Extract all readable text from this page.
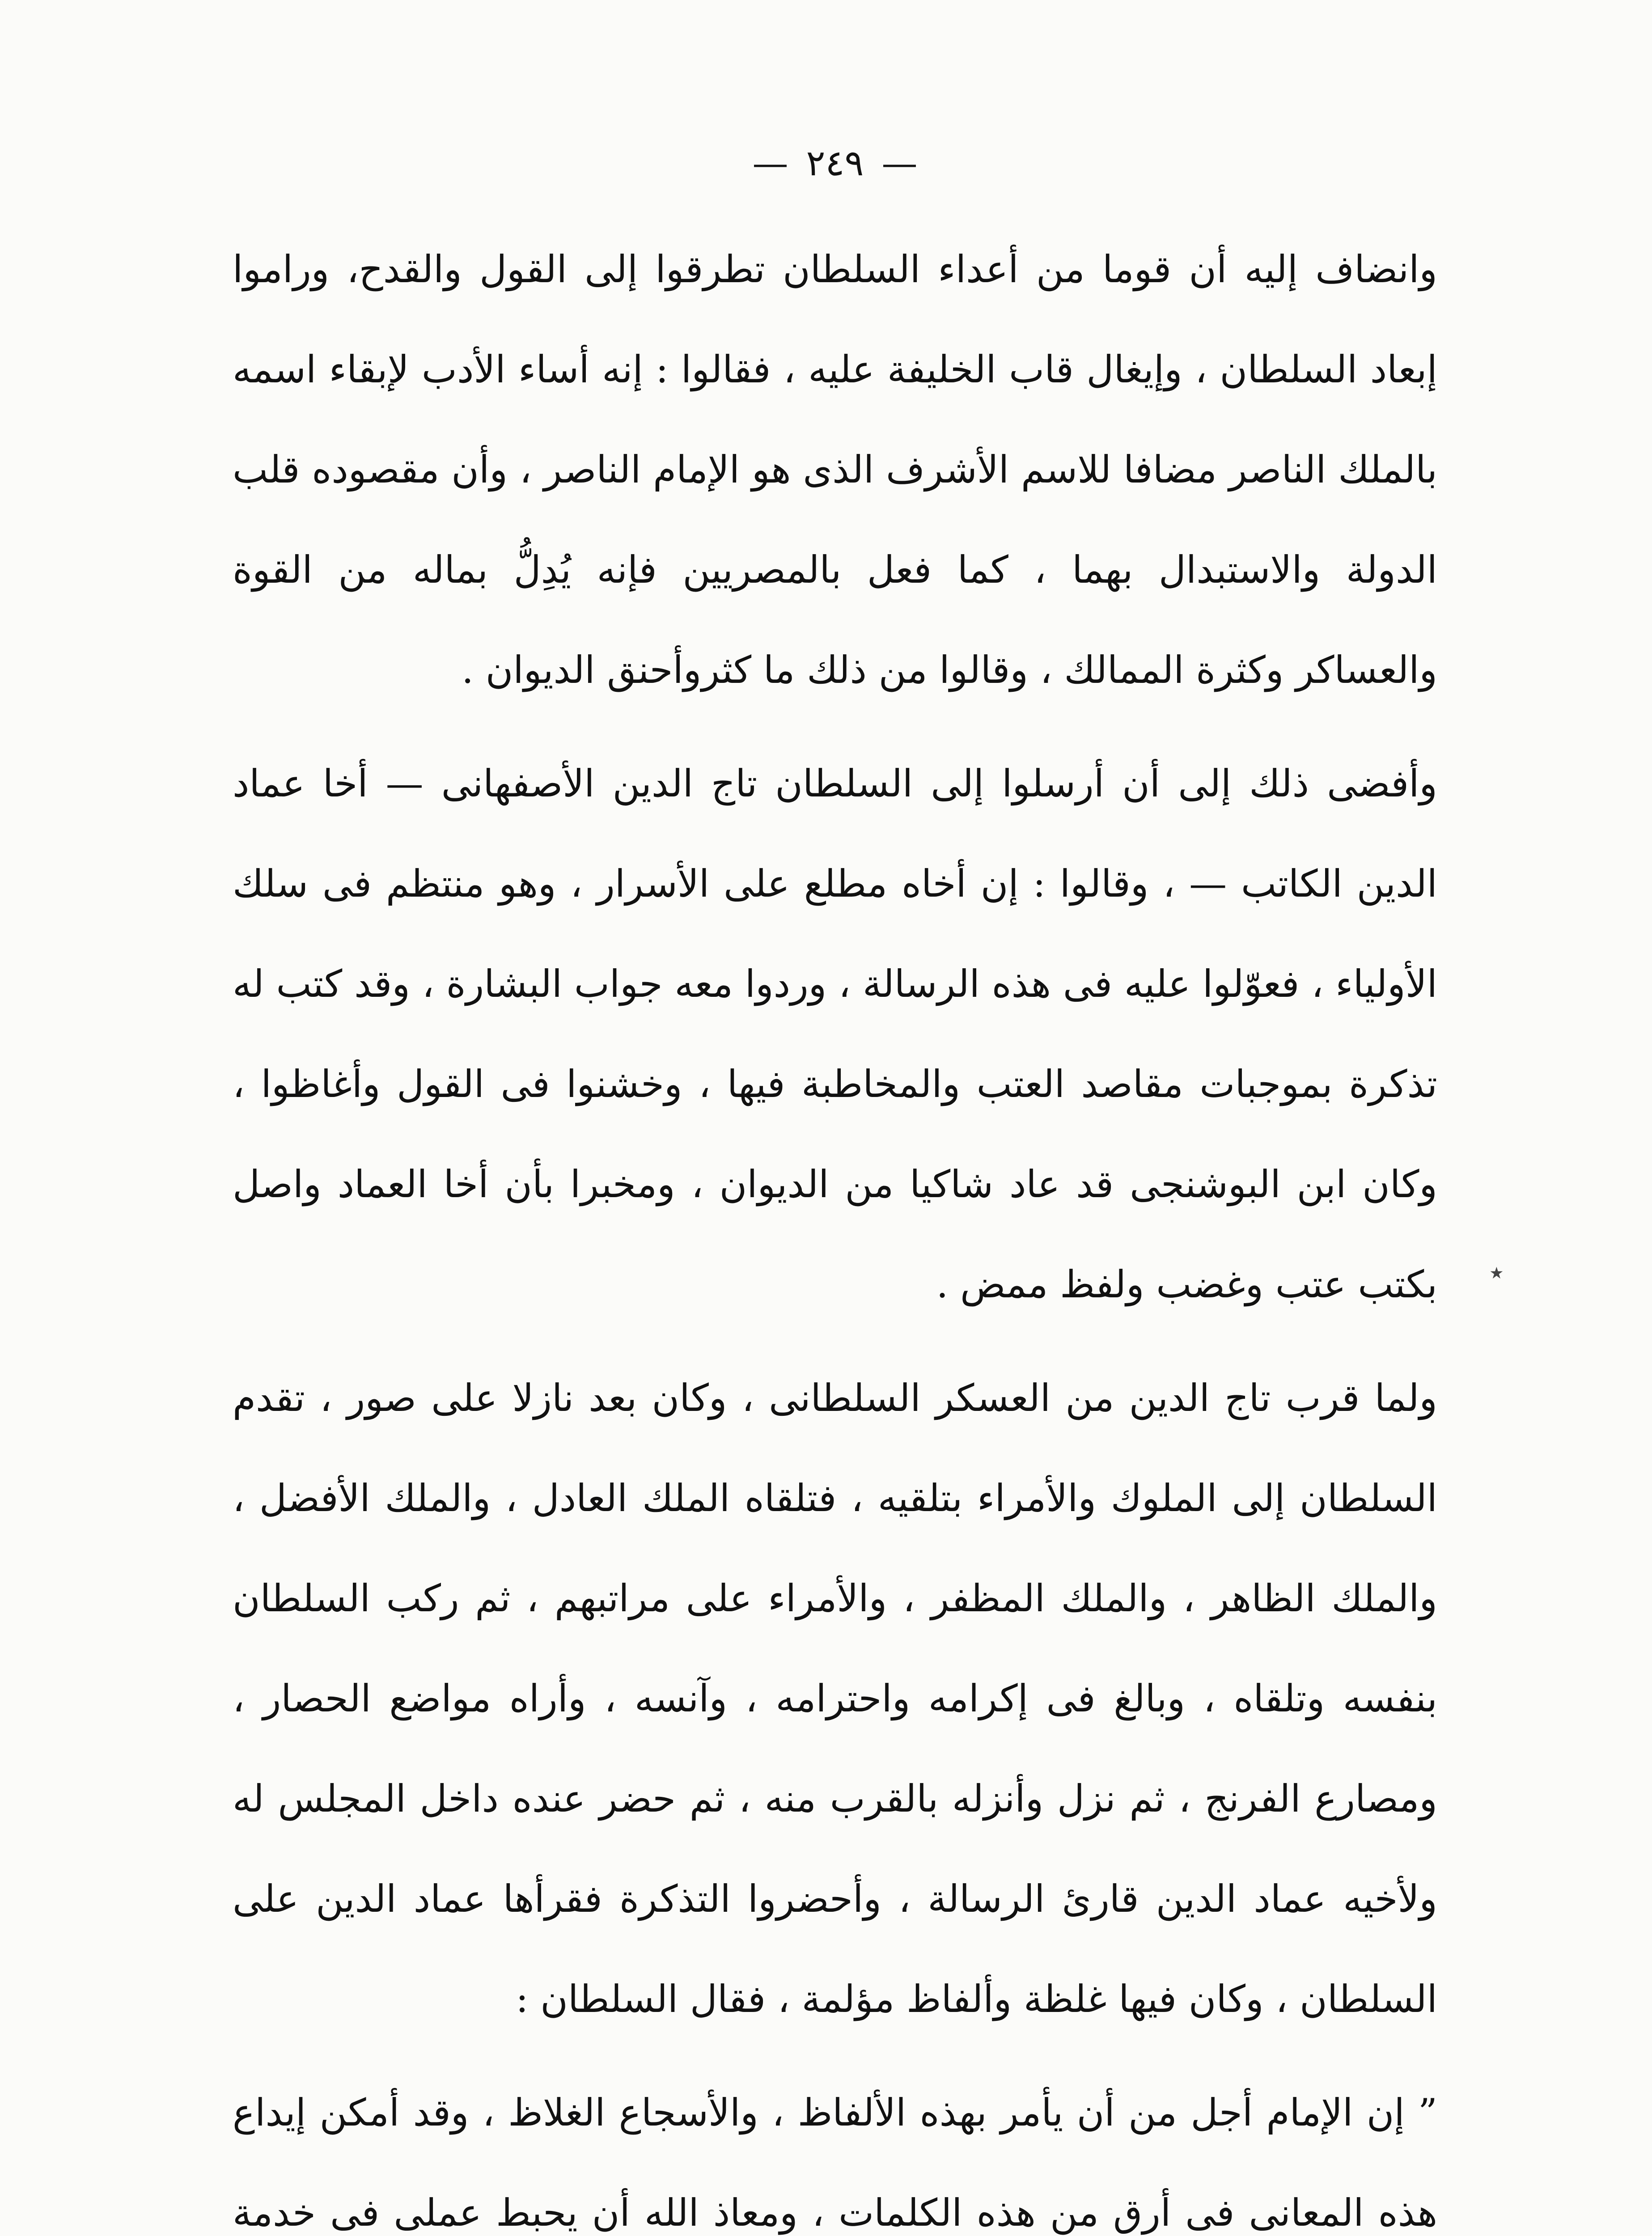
— ٢٤٩ —

وانضاف إليه أن قوما من أعداء السلطان تطرقوا إلى القول والقدح، وراموا إبعاد السلطان ، وإيغال قاب الخليفة عليه ، فقالوا : إنه أساء الأدب لإبقاء اسمه بالملك الناصر مضافا للاسم الأشرف الذى هو الإمام الناصر ، وأن مقصوده قلب الدولة والاستبدال بهما ، كما فعل بالمصريين فإنه يُدِلُّ بماله من القوة والعساكر وكثرة الممالك ، وقالوا من ذلك ما كثروأحنق الديوان .

وأفضى ذلك إلى أن أرسلوا إلى السلطان تاج الدين الأصفهانى — أخا عماد الدين الكاتب — ، وقالوا : إن أخاه مطلع على الأسرار ، وهو منتظم فى سلك الأولياء ، فعوّلوا عليه فى هذه الرسالة ، وردوا معه جواب البشارة ، وقد كتب له تذكرة بموجبات مقاصد العتب والمخاطبة فيها ، وخشنوا فى القول وأغاظوا ، وكان ابن البوشنجى قد عاد شاكيا من الديوان ، ومخبرا بأن أخا العماد واصل بكتب عتب وغضب ولفظ ممض .

ولما قرب تاج الدين من العسكر السلطانى ، وكان بعد نازلا على صور ، تقدم السلطان إلى الملوك والأمراء بتلقيه ، فتلقاه الملك العادل ، والملك الأفضل ، والملك الظاهر ، والملك المظفر ، والأمراء على مراتبهم ، ثم ركب السلطان بنفسه وتلقاه ، وبالغ فى إكرامه واحترامه ، وآنسه ، وأراه مواضع الحصار ، ومصارع الفرنج ، ثم نزل وأنزله بالقرب منه ، ثم حضر عنده داخل المجلس له ولأخيه عماد الدين قارئ الرسالة ، وأحضروا التذكرة فقرأها عماد الدين على السلطان ، وكان فيها غلظة وألفاظ مؤلمة ، فقال السلطان :

” إن الإمام أجل من أن يأمر بهذه الألفاظ ، والأسجاع الغلاظ ، وقد أمكن إيداع هذه المعانى فى أرق من هذه الكلمات ، ومعاذ الله أن يحبط عملى فى خدمة

٭
